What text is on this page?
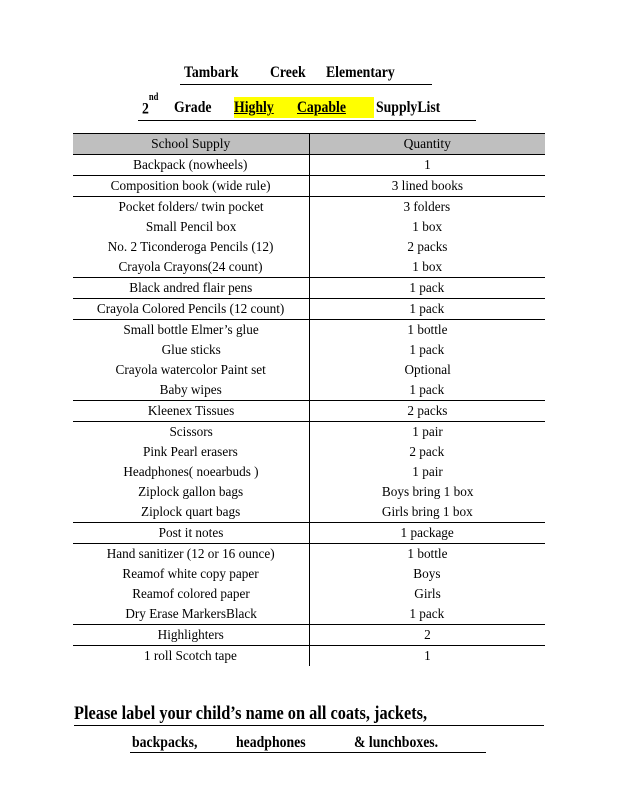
Tambark Creek Elementary
2nd
Grade Highly Capable SupplyList
School Supply	Quantity
Backpack (nowheels)	1
Composition book (wide rule)	3 lined books
Pocket folders/ twin pocket	3 folders
Small Pencil box	1 box
No. 2 Ticonderoga Pencils (12)	2 packs
Crayola Crayons(24 count)	1 box
Black andred flair pens	1 pack
Crayola Colored Pencils (12 count)	1 pack
Small bottle Elmer’s glue	1 bottle
Glue sticks	1 pack
Crayola watercolor Paint set	Optional
Baby wipes	1 pack
Kleenex Tissues	2 packs
Scissors	1 pair
Pink Pearl erasers	2 pack
Headphones( noearbuds )	1 pair
Ziplock gallon bags	Boys bring 1 box
Ziplock quart bags	Girls bring 1 box
Post it notes	1 package
Hand sanitizer (12 or 16 ounce)	1 bottle
Reamof white copy paper	Boys
Reamof colored paper	Girls
Dry Erase MarkersBlack	1 pack
Highlighters	2
1 roll Scotch tape	1
Please label your child’s name on all coats, jackets,
backpacks, headphones	& lunchboxes.
